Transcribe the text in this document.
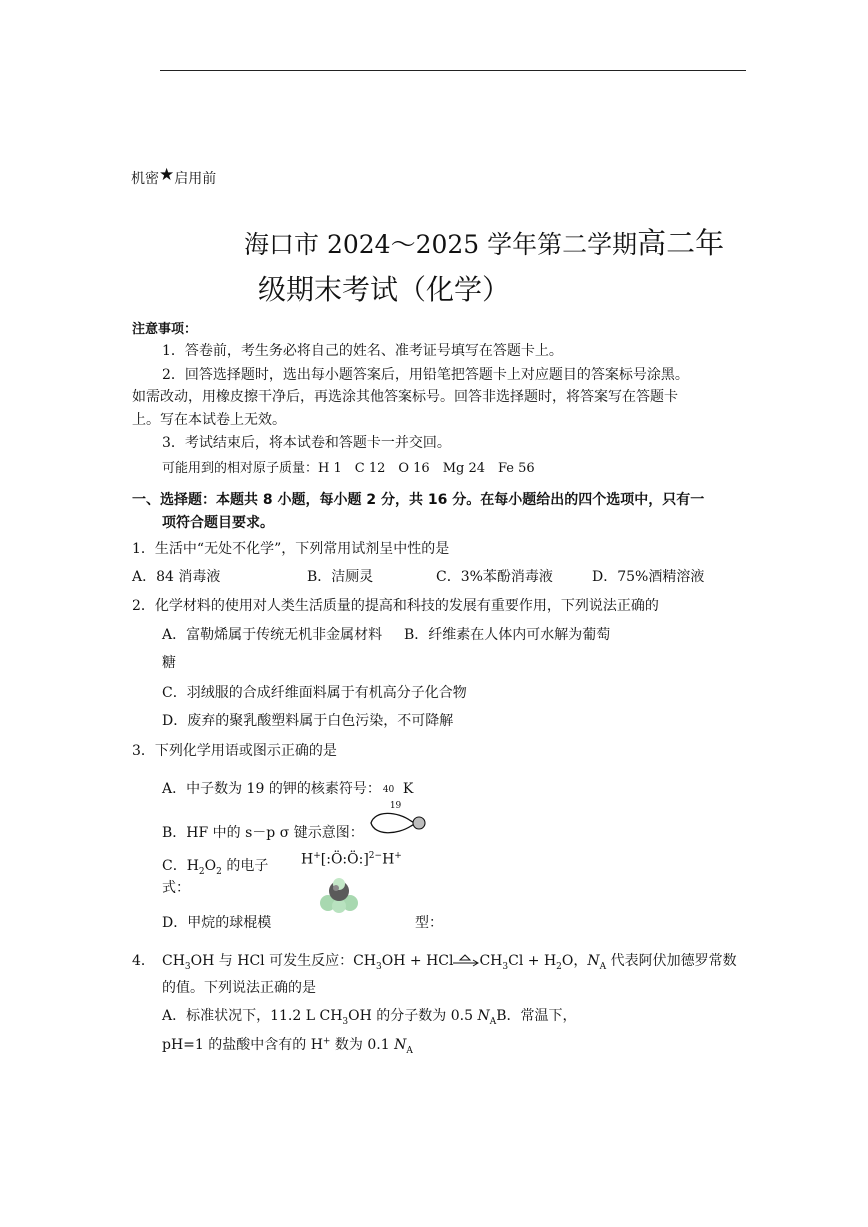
机密★启用前
海口市 2024～2025 学年第二学期高二年
级期末考试（化学）
注意事项：
1．答卷前，考生务必将自己的姓名、准考证号填写在答题卡上。
2．回答选择题时，选出每小题答案后，用铅笔把答题卡上对应题目的答案标号涂黑。
如需改动，用橡皮擦干净后，再选涂其他答案标号。回答非选择题时，将答案写在答题卡
上。写在本试卷上无效。
3．考试结束后，将本试卷和答题卡一并交回。
可能用到的相对原子质量：H 1　C 12　O 16　Mg 24　Fe 56
一、选择题：本题共 8 小题，每小题 2 分，共 16 分。在每小题给出的四个选项中，只有一
项符合题目要求。
1．生活中“无处不化学”，下列常用试剂呈中性的是
A．84 消毒液	B．洁厕灵	C．3%苯酚消毒液	D．75%酒精溶液
2．化学材料的使用对人类生活质量的提高和科技的发展有重要作用，下列说法正确的
A．富勒烯属于传统无机非金属材料 B．纤维素在人体内可水解为葡萄
糖
C．羽绒服的合成纤维面料属于有机高分子化合物
D．废弃的聚乳酸塑料属于白色污染，不可降解
3．下列化学用语或图示正确的是
A．中子数为 19 的钾的核素符号： 40
19
K
B．HF 中的 s－p σ 键示意图：
C．$H_2O_2$ 的电子
式：
H+[:Ö:Ö:]$^{2-}$H+
D．甲烷的球棍模	型：
4． $CH_3OH$ 与 HCl 可发生反应：$CH_3OH$ + HCl $CH_3Cl + H_2O$，$N_A$ 代表阿伏加德罗常数
的值。下列说法正确的是
A．标准状况下，11.2 L $CH_3OH$ 的分子数为 0.5 $N_AB$．常温下，
pH=1 的盐酸中含有的 H+ 数为 0.1 $N_A$
